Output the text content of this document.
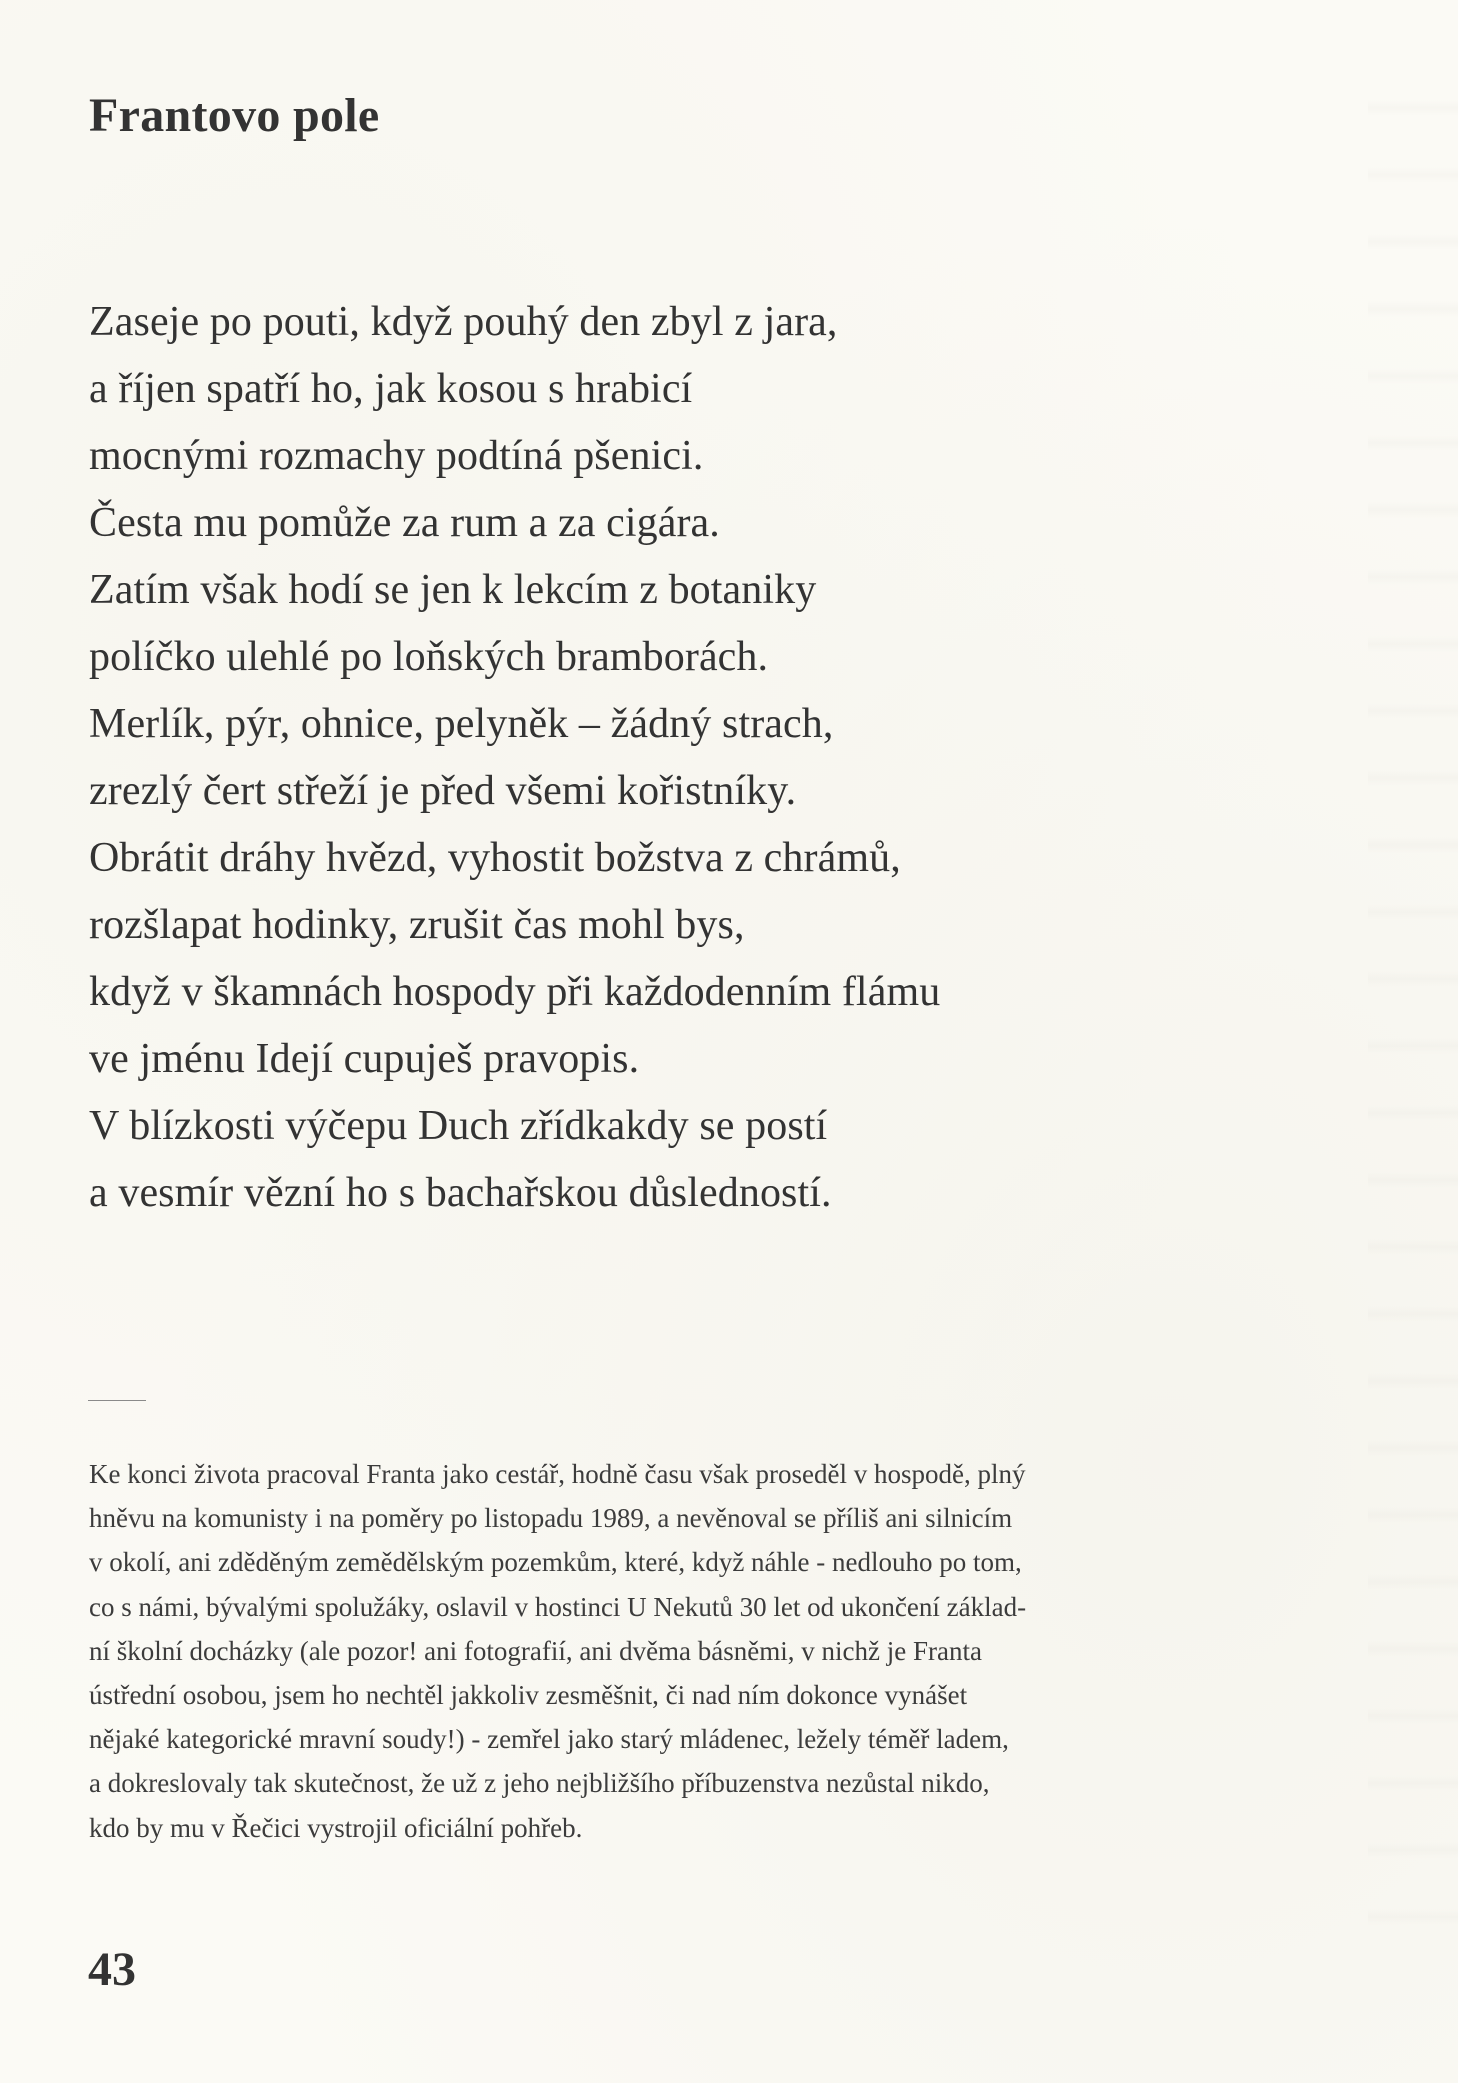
Frantovo pole
Zaseje po pouti, když pouhý den zbyl z jara,
a říjen spatří ho, jak kosou s hrabicí
mocnými rozmachy podtíná pšenici.
Česta mu pomůže za rum a za cigára.
Zatím však hodí se jen k lekcím z botaniky
políčko ulehlé po loňských bramborách.
Merlík, pýr, ohnice, pelyněk – žádný strach,
zrezlý čert střeží je před všemi kořistníky.
Obrátit dráhy hvězd, vyhostit božstva z chrámů,
rozšlapat hodinky, zrušit čas mohl bys,
když v škamnách hospody při každodenním flámu
ve jménu Idejí cupuješ pravopis.
V blízkosti výčepu Duch zřídkakdy se postí
a vesmír vězní ho s bachařskou důsledností.

Ke konci života pracoval Franta jako cestář, hodně času však proseděl v hospodě, plný
hněvu na komunisty i na poměry po listopadu 1989, a nevěnoval se příliš ani silnicím
v okolí, ani zděděným zemědělským pozemkům, které, když náhle - nedlouho po tom,
co s námi, bývalými spolužáky, oslavil v hostinci U Nekutů 30 let od ukončení základ-
ní školní docházky (ale pozor! ani fotografií, ani dvěma básněmi, v nichž je Franta
ústřední osobou, jsem ho nechtěl jakkoliv zesměšnit, či nad ním dokonce vynášet
nějaké kategorické mravní soudy!) - zemřel jako starý mládenec, ležely téměř ladem,
a dokreslovaly tak skutečnost, že už z jeho nejbližšího příbuzenstva nezůstal nikdo,
kdo by mu v Řečici vystrojil oficiální pohřeb.

43
